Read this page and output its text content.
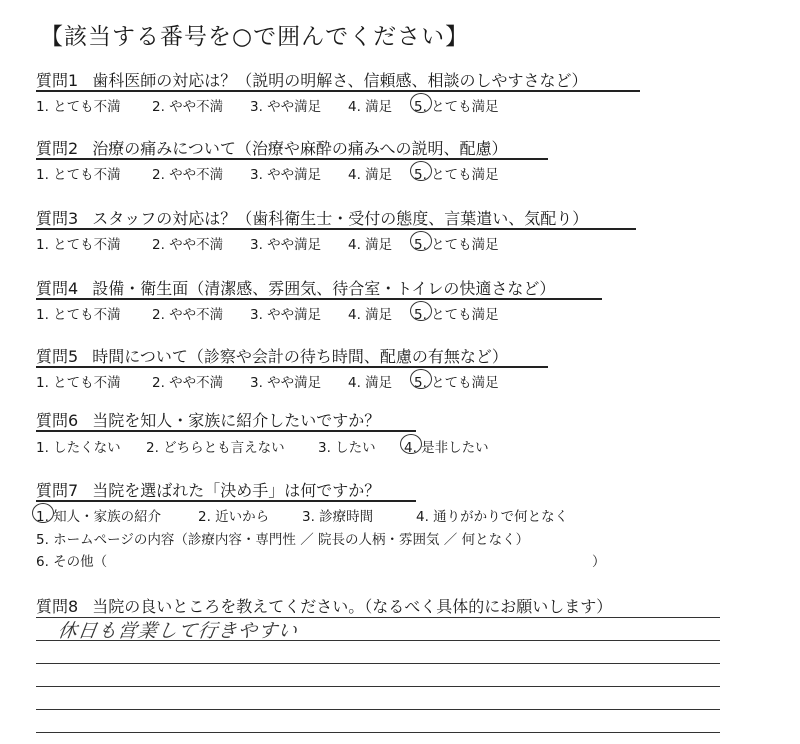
【該当する番号を○で囲んでください】
質問1 歯科医師の対応は？（説明の明解さ、信頼感、相談のしやすさなど）
1. とても不満 2. やや不満 3. やや満足 4. 満足 5. とても満足
質問2 治療の痛みについて（治療や麻酔の痛みへの説明、配慮）
1. とても不満 2. やや不満 3. やや満足 4. 満足 5. とても満足
質問3 スタッフの対応は？（歯科衛生士・受付の態度、言葉遣い、気配り）
1. とても不満 2. やや不満 3. やや満足 4. 満足 5. とても満足
質問4 設備・衛生面（清潔感、雰囲気、待合室・トイレの快適さなど）
1. とても不満 2. やや不満 3. やや満足 4. 満足 5. とても満足
質問5 時間について（診察や会計の待ち時間、配慮の有無など）
1. とても不満 2. やや不満 3. やや満足 4. 満足 5. とても満足
質問6 当院を知人・家族に紹介したいですか？
1. したくない 2. どちらとも言えない 3. したい 4. 是非したい
質問7 当院を選ばれた「決め手」は何ですか？
1. 知人・家族の紹介	2. 近いから 3. 診療時間	4. 通りがかりで何となく
5. ホームページの内容（診療内容・専門性 ／ 院長の人柄・雰囲気 ／ 何となく）
6. その他（	）
質問8 当院の良いところを教えてください。（なるべく具体的にお願いします）
休日も営業して行きやすい
